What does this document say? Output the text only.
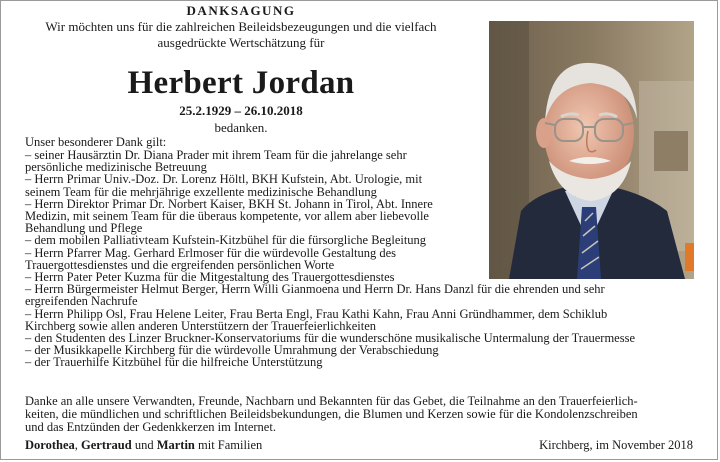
DANKSAGUNG
Wir möchten uns für die zahlreichen Beileidsbezeugungen und die vielfach
ausgedrückte Wertschätzung für
Herbert Jordan
25.2.1929 – 26.10.2018
bedanken.
Unser besonderer Dank gilt:
– seiner Hausärztin Dr. Diana Prader mit ihrem Team für die jahrelange sehr
persönliche medizinische Betreuung
– Herrn Primar Univ.-Doz. Dr. Lorenz Höltl, BKH Kufstein, Abt. Urologie, mit
seinem Team für die mehrjährige exzellente medizinische Behandlung
– Herrn Direktor Primar Dr. Norbert Kaiser, BKH St. Johann in Tirol, Abt. Innere
Medizin, mit seinem Team für die überaus kompetente, vor allem aber liebevolle
Behandlung und Pflege
– dem mobilen Palliativteam Kufstein-Kitzbühel für die fürsorgliche Begleitung
– Herrn Pfarrer Mag. Gerhard Erlmoser für die würdevolle Gestaltung des
Trauergottesdienstes und die ergreifenden persönlichen Worte
– Herrn Pater Peter Kuzma für die Mitgestaltung des Trauergottesdienstes
– Herrn Bürgermeister Helmut Berger, Herrn Willi Gianmoena und Herrn Dr. Hans Danzl für die ehrenden und sehr
ergreifenden Nachrufe
– Herrn Philipp Osl, Frau Helene Leiter, Frau Berta Engl, Frau Kathi Kahn, Frau Anni Gründhammer, dem Schiklub
Kirchberg sowie allen anderen Unterstützern der Trauerfeierlichkeiten
– den Studenten des Linzer Bruckner-Konservatoriums für die wunderschöne musikalische Untermalung der Trauermesse
– der Musikkapelle Kirchberg für die würdevolle Umrahmung der Verabschiedung
– der Trauerhilfe Kitzbühel für die hilfreiche Unterstützung
Danke an alle unsere Verwandten, Freunde, Nachbarn und Bekannten für das Gebet, die Teilnahme an den Trauerfeierlich-
keiten, die mündlichen und schriftlichen Beileidsbekundungen, die Blumen und Kerzen sowie für die Kondolenzschreiben
und das Entzünden der Gedenkkerzen im Internet.
Dorothea, Gertraud und Martin mit Familien	Kirchberg, im November 2018
